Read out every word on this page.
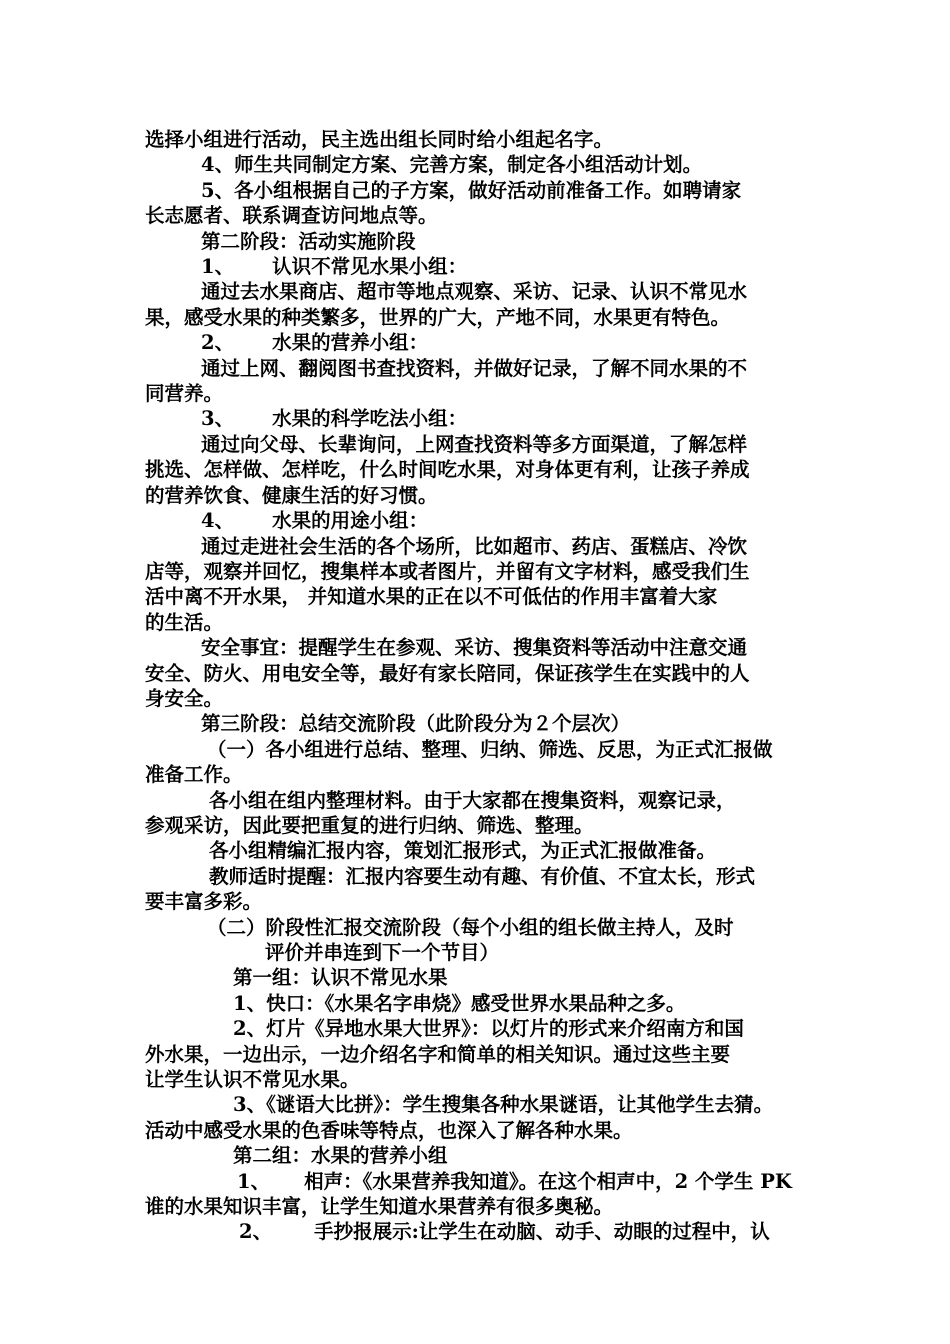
选择小组进行活动，民主选出组长同时给小组起名字。

4、师生共同制定方案、完善方案，制定各小组活动计划。

5、各小组根据自己的子方案，做好活动前准备工作。如聘请家

长志愿者、联系调查访问地点等。

第二阶段：活动实施阶段

1、 认识不常见水果小组：

通过去水果商店、超市等地点观察、采访、记录、认识不常见水

果，感受水果的种类繁多，世界的广大，产地不同，水果更有特色。

2、 水果的营养小组：

通过上网、翻阅图书查找资料，并做好记录，了解不同水果的不

同营养。

3、 水果的科学吃法小组：

通过向父母、长辈询问，上网查找资料等多方面渠道，了解怎样

挑选、怎样做、怎样吃，什么时间吃水果，对身体更有利，让孩子养成

的营养饮食、健康生活的好习惯。

4、 水果的用途小组：

通过走进社会生活的各个场所，比如超市、药店、蛋糕店、冷饮

店等，观察并回忆，搜集样本或者图片，并留有文字材料，感受我们生

活中离不开水果， 并知道水果的正在以不可低估的作用丰富着大家

的生活。

安全事宜：提醒学生在参观、采访、搜集资料等活动中注意交通

安全、防火、用电安全等，最好有家长陪同，保证孩学生在实践中的人

身安全。

第三阶段：总结交流阶段（此阶段分为２个层次）

（一）各小组进行总结、整理、归纳、筛选、反思，为正式汇报做

准备工作。

各小组在组内整理材料。由于大家都在搜集资料，观察记录，

参观采访，因此要把重复的进行归纳、筛选、整理。

各小组精编汇报内容，策划汇报形式，为正式汇报做准备。

教师适时提醒：汇报内容要生动有趣、有价值、不宜太长，形式

要丰富多彩。

（二）阶段性汇报交流阶段（每个小组的组长做主持人，及时

评价并串连到下一个节目）

第一组：认识不常见水果

1、快口：《水果名字串烧》感受世界水果品种之多。

2、灯片《异地水果大世界》：以灯片的形式来介绍南方和国

外水果，一边出示，一边介绍名字和简单的相关知识。通过这些主要

让学生认识不常见水果。

3、《谜语大比拼》：学生搜集各种水果谜语，让其他学生去猜。

活动中感受水果的色香味等特点，也深入了解各种水果。

第二组：水果的营养小组

1、 相声：《水果营养我知道》。在这个相声中，2 个学生 PK

谁的水果知识丰富，让学生知道水果营养有很多奥秘。

2、 手抄报展示:让学生在动脑、动手、动眼的过程中，认
